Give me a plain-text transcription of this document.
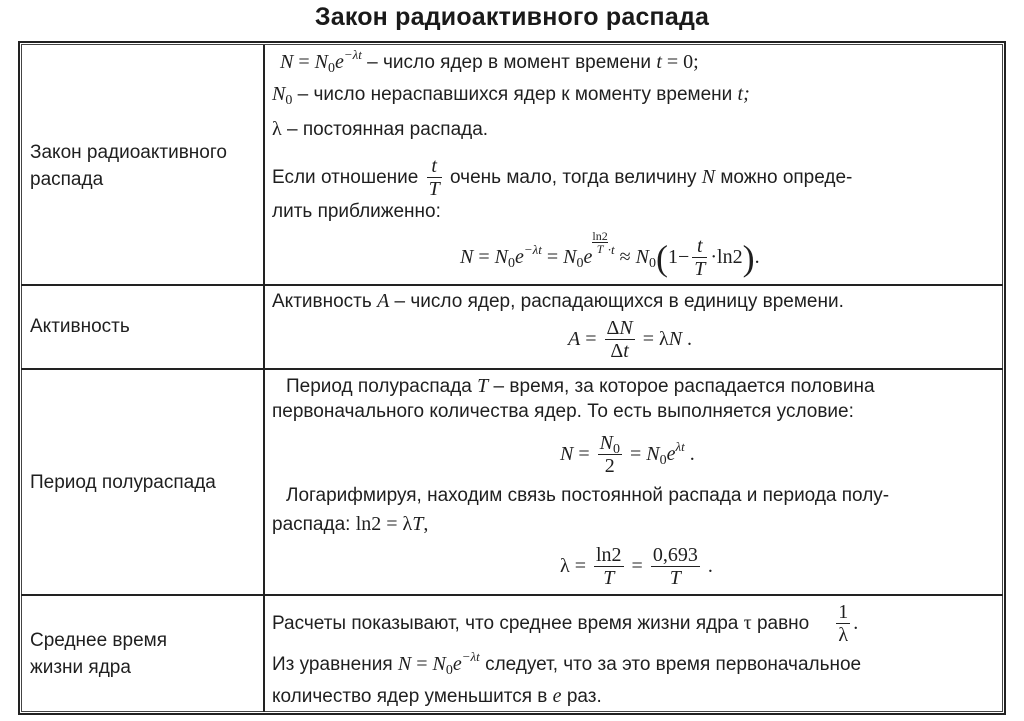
Закон радиоактивного распада
Закон радиоактивного
распада
$N = N_0e^{-\lambda t}$ – число ядер в момент времени t = 0;
$N_0$ – число нераспавшихся ядер к моменту времени t;
λ – постоянная распада.
Если отношение $\frac{t}{T}$ очень мало, тогда величину N можно опреде-
лить приближенно:
$N = N_0e^{-\lambda t} = N_0e$
$\frac{\ln 2}{T} ^{\cdot t} \approx N_0(1- \frac{t}{T} \cdot\ln 2)$.
Активность
Активность A – число ядер, распадающихся в единицу времени.
$A = \frac{\Delta N}{\Delta t} = \lambda N$ .
Период полураспада
Период полураспада T – время, за которое распадается половина
первоначального количества ядер. То есть выполняется условие:
$N = \frac{N_0}{2} = N_0e^{\lambda t}$ .
Логарифмируя, находим связь постоянной распада и периода полу-
распада: ln2 = λT,
$\lambda = \frac{\ln 2}{T} = \frac{0,693}{T}$ .
Среднее время
жизни ядра
Расчеты показывают, что среднее время жизни ядра τ равно $\frac{1}{\lambda}$ .
Из уравнения $N = N_0e^{-\lambda t}$ следует, что за это время первоначальное
количество ядер уменьшится в e раз.
